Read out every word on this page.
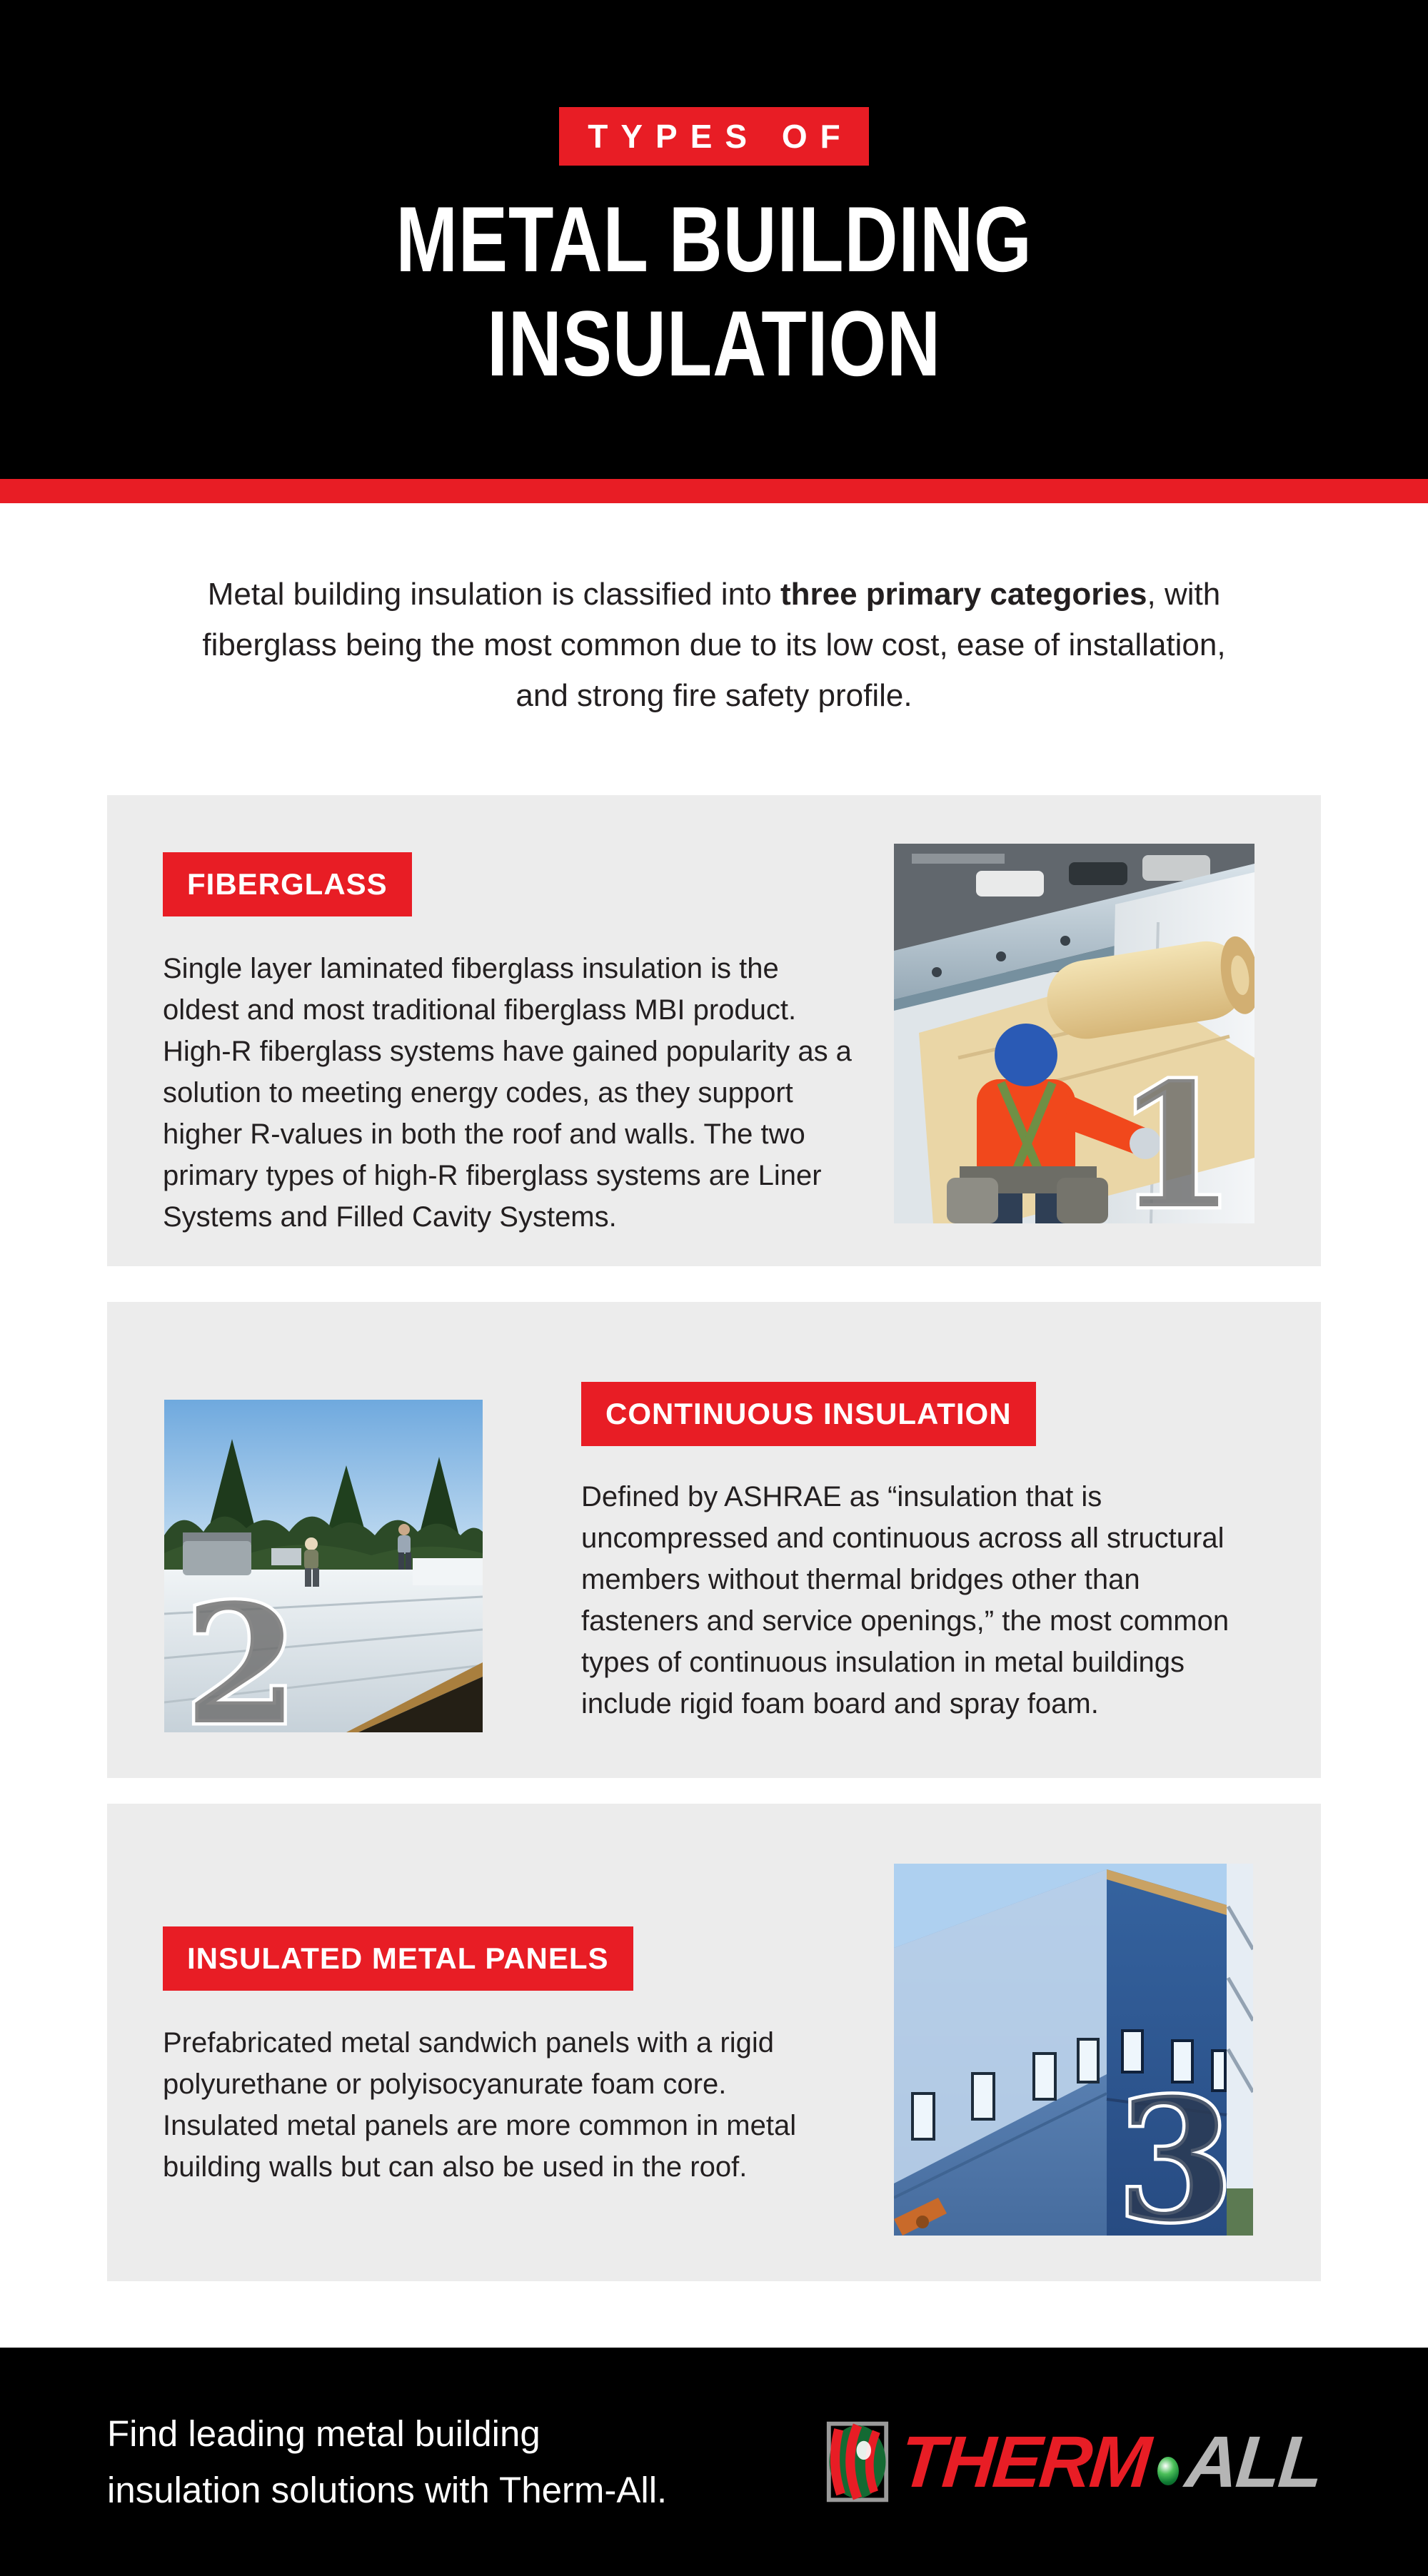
TYPES OF
METAL BUILDING
INSULATION

Metal building insulation is classified into three primary categories, with fiberglass being the most common due to its low cost, ease of installation, and strong fire safety profile.

FIBERGLASS

Single layer laminated fiberglass insulation is the oldest and most traditional fiberglass MBI product. High-R fiberglass systems have gained popularity as a solution to meeting energy codes, as they support higher R-values in both the roof and walls. The two primary types of high-R fiberglass systems are Liner Systems and Filled Cavity Systems.	1
CONTINUOUS INSULATION

Defined by ASHRAE as “insulation that is uncompressed and continuous across all structural members without thermal bridges other than fasteners and service openings,” the most common types of continuous insulation in metal buildings include rigid foam board and spray foam.

2
INSULATED METAL PANELS

Prefabricated metal sandwich panels with a rigid polyurethane or polyisocyanurate foam core. Insulated metal panels are more common in metal building walls but can also be used in the roof.	3
Find leading metal building
insulation solutions with Therm-All.	THERM ALL
